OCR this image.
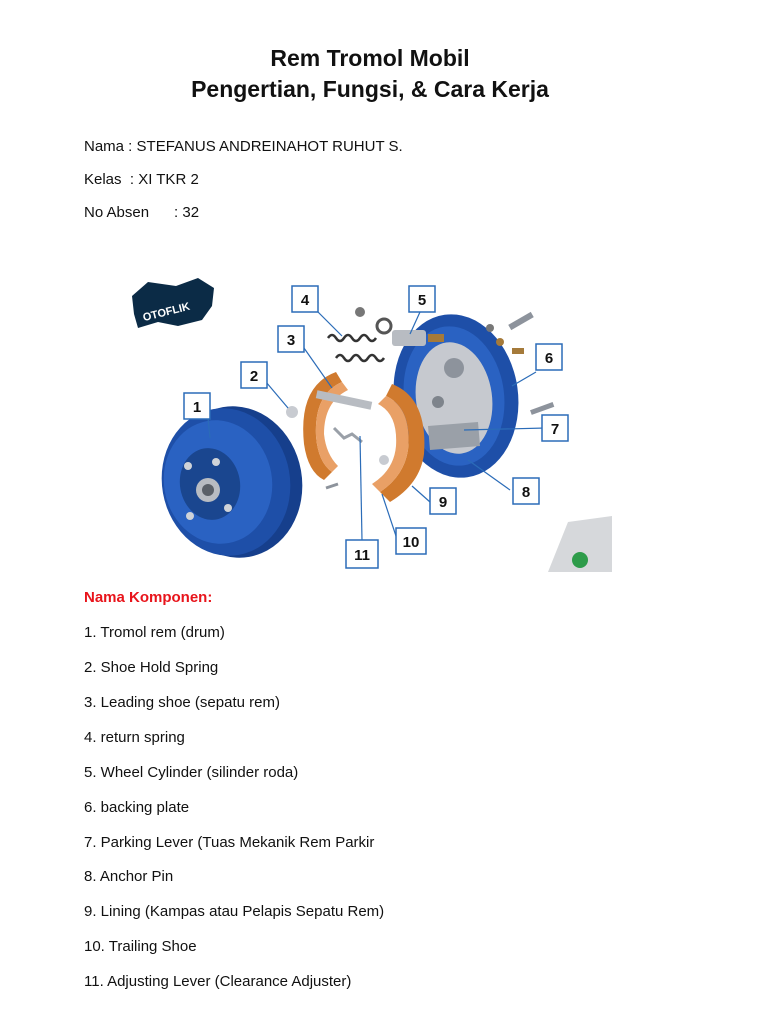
Rem Tromol Mobil
Pengertian, Fungsi, & Cara Kerja
Nama : STEFANUS ANDREINAHOT RUHUT S.
Kelas  : XI TKR 2
No Absen : 32
OTOFLIK
1
2
3
4	5
6
7
8
9
10
11
Nama Komponen:
1. Tromol rem (drum)
2. Shoe Hold Spring
3. Leading shoe (sepatu rem)
4. return spring
5. Wheel Cylinder (silinder roda)
6. backing plate
7. Parking Lever (Tuas Mekanik Rem Parkir
8. Anchor Pin
9. Lining (Kampas atau Pelapis Sepatu Rem)
10. Trailing Shoe
11. Adjusting Lever (Clearance Adjuster)
